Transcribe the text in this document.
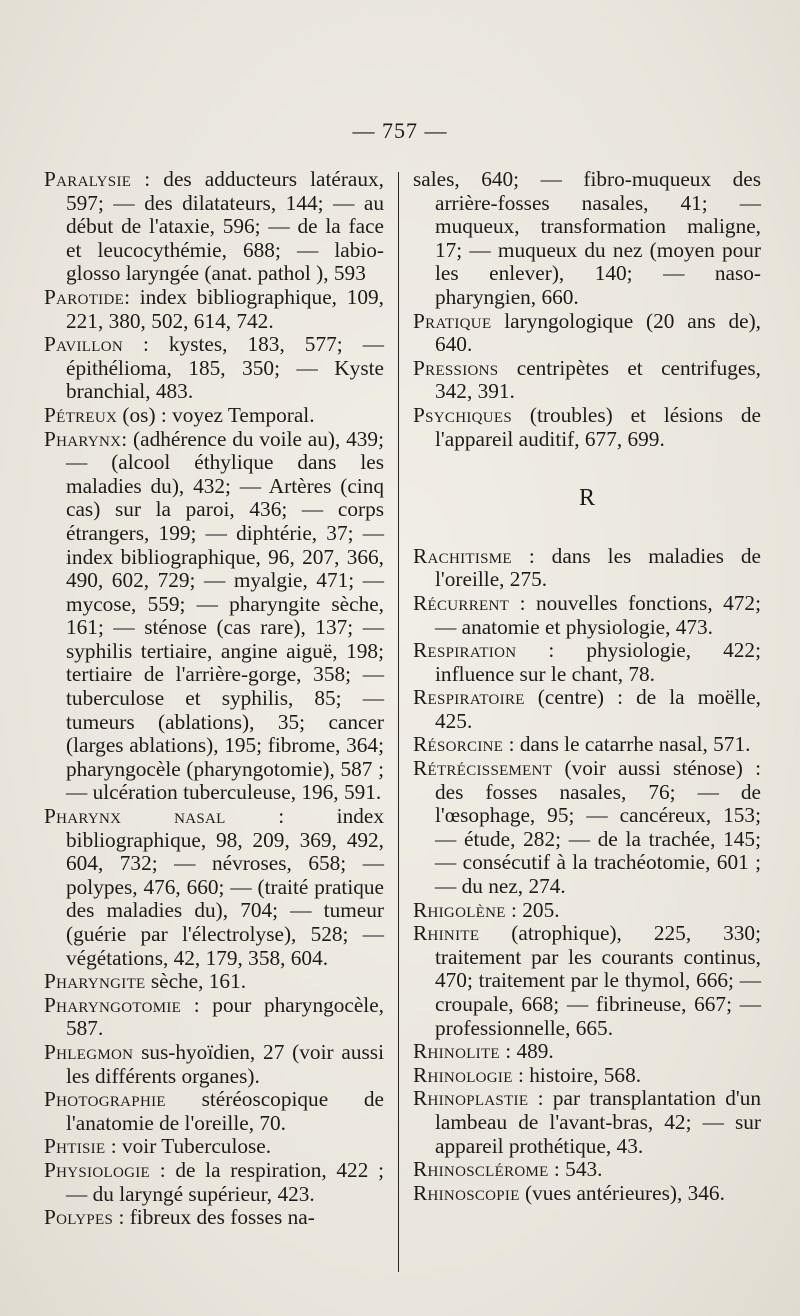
— 757 —
Paralysie : des adducteurs latéraux, 597; — des dilatateurs, 144; — au début de l'ataxie, 596; — de la face et leucocythémie, 688; — labio-glosso laryngée (anat. pathol ), 593
Parotide: index bibliographique, 109, 221, 380, 502, 614, 742.
Pavillon : kystes, 183, 577; — épithélioma, 185, 350; — Kyste branchial, 483.
Pétreux (os) : voyez Temporal.
Pharynx: (adhérence du voile au), 439; — (alcool éthylique dans les maladies du), 432; — Artères (cinq cas) sur la paroi, 436; — corps étrangers, 199; — diphtérie, 37; — index bibliographique, 96, 207, 366, 490, 602, 729; — myalgie, 471; — mycose, 559; — pharyngite sèche, 161; — sténose (cas rare), 137; — syphilis tertiaire, angine aiguë, 198; tertiaire de l'arrière-gorge, 358; — tuberculose et syphilis, 85; — tumeurs (ablations), 35; cancer (larges ablations), 195; fibrome, 364; pharyngocèle (pharyngotomie), 587 ; — ulcération tuberculeuse, 196, 591.
Pharynx nasal : index bibliographique, 98, 209, 369, 492, 604, 732; — névroses, 658; — polypes, 476, 660; — (traité pratique des maladies du), 704; — tumeur (guérie par l'électrolyse), 528; — végétations, 42, 179, 358, 604.
Pharyngite sèche, 161.
Pharyngotomie : pour pharyngocèle, 587.
Phlegmon sus-hyoïdien, 27 (voir aussi les différents organes).
Photographie stéréoscopique de l'anatomie de l'oreille, 70.
Phtisie : voir Tuberculose.
Physiologie : de la respiration, 422 ; — du laryngé supérieur, 423.
Polypes : fibreux des fosses na-
sales, 640; — fibro-muqueux des arrière-fosses nasales, 41; — muqueux, transformation maligne, 17; — muqueux du nez (moyen pour les enlever), 140; — naso-pharyngien, 660.
Pratique laryngologique (20 ans de), 640.
Pressions centripètes et centrifuges, 342, 391.
Psychiques (troubles) et lésions de l'appareil auditif, 677, 699.
R
Rachitisme : dans les maladies de l'oreille, 275.
Récurrent : nouvelles fonctions, 472; — anatomie et physiologie, 473.
Respiration : physiologie, 422; influence sur le chant, 78.
Respiratoire (centre) : de la moëlle, 425.
Résorcine : dans le catarrhe nasal, 571.
Rétrécissement (voir aussi sténose) : des fosses nasales, 76; — de l'œsophage, 95; — cancéreux, 153; — étude, 282; — de la trachée, 145; — consécutif à la trachéotomie, 601 ; — du nez, 274.
Rhigolène : 205.
Rhinite (atrophique), 225, 330; traitement par les courants continus, 470; traitement par le thymol, 666; — croupale, 668; — fibrineuse, 667; — professionnelle, 665.
Rhinolite : 489.
Rhinologie : histoire, 568.
Rhinoplastie : par transplantation d'un lambeau de l'avant-bras, 42; — sur appareil prothétique, 43.
Rhinosclérome : 543.
Rhinoscopie (vues antérieures), 346.
